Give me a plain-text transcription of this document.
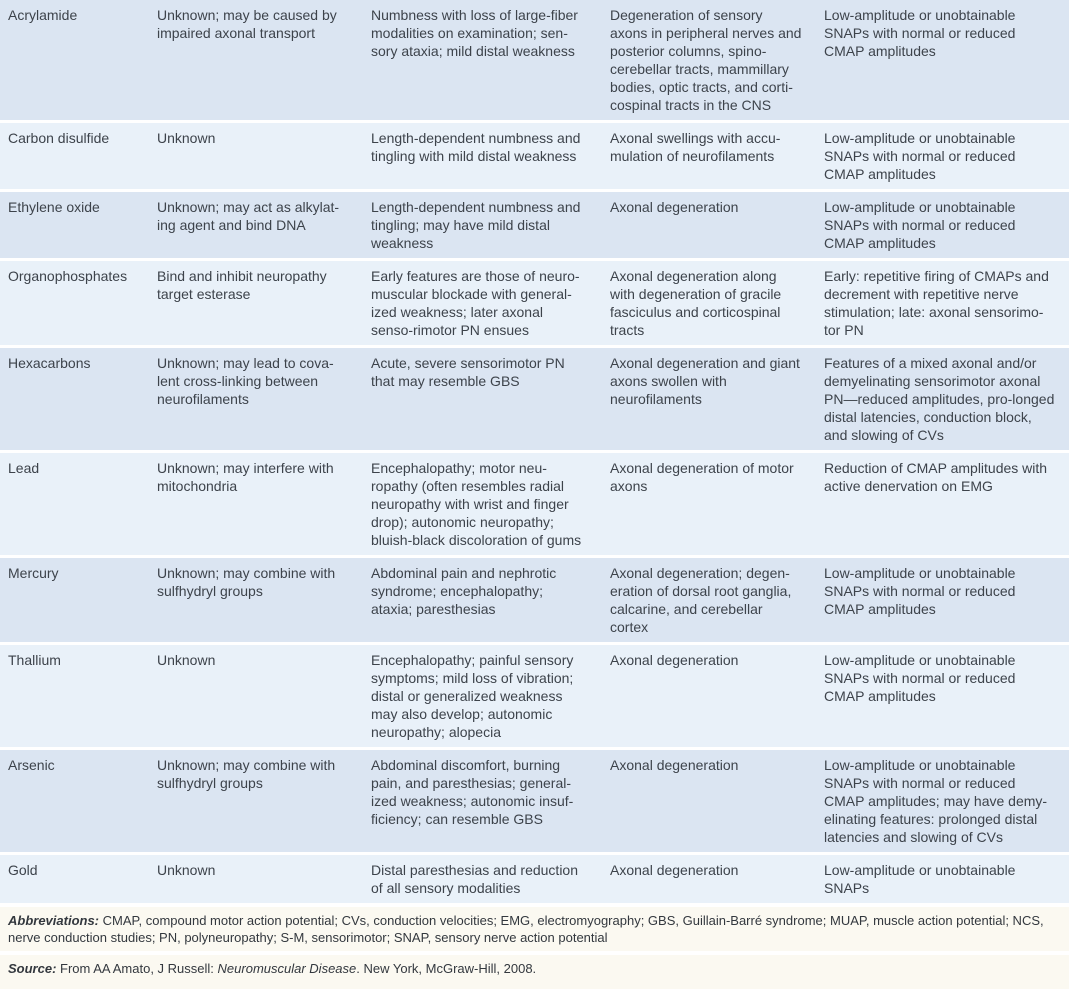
Acrylamide	Unknown; may be caused by impaired axonal transport	Numbness with loss of large-fiber modalities on examination; sen-sory ataxia; mild distal weakness	Degeneration of sensory axons in peripheral nerves and posterior columns, spino-cerebellar tracts, mammillary bodies, optic tracts, and corti-cospinal tracts in the CNS	Low-amplitude or unobtainable SNAPs with normal or reduced CMAP amplitudes
Carbon disulfide	Unknown	Length-dependent numbness and tingling with mild distal weakness	Axonal swellings with accu-mulation of neurofilaments	Low-amplitude or unobtainable SNAPs with normal or reduced CMAP amplitudes
Ethylene oxide	Unknown; may act as alkylat-ing agent and bind DNA	Length-dependent numbness and tingling; may have mild distal weakness	Axonal degeneration	Low-amplitude or unobtainable SNAPs with normal or reduced CMAP amplitudes
Organophosphates	Bind and inhibit neuropathy target esterase	Early features are those of neuro-muscular blockade with general-ized weakness; later axonal senso-rimotor PN ensues	Axonal degeneration along with degeneration of gracile fasciculus and corticospinal tracts	Early: repetitive firing of CMAPs and decrement with repetitive nerve stimulation; late: axonal sensorimo-tor PN
Hexacarbons	Unknown; may lead to cova-lent cross-linking between neurofilaments	Acute, severe sensorimotor PN that may resemble GBS	Axonal degeneration and giant axons swollen with neurofilaments	Features of a mixed axonal and/or demyelinating sensorimotor axonal PN—reduced amplitudes, pro-longed distal latencies, conduction block, and slowing of CVs
Lead	Unknown; may interfere with mitochondria	Encephalopathy; motor neu-ropathy (often resembles radial neuropathy with wrist and finger drop); autonomic neuropathy; bluish-black discoloration of gums	Axonal degeneration of motor axons	Reduction of CMAP amplitudes with active denervation on EMG
Mercury	Unknown; may combine with sulfhydryl groups	Abdominal pain and nephrotic syndrome; encephalopathy; ataxia; paresthesias	Axonal degeneration; degen-eration of dorsal root ganglia, calcarine, and cerebellar cortex	Low-amplitude or unobtainable SNAPs with normal or reduced CMAP amplitudes
Thallium	Unknown	Encephalopathy; painful sensory symptoms; mild loss of vibration; distal or generalized weakness may also develop; autonomic neuropathy; alopecia	Axonal degeneration	Low-amplitude or unobtainable SNAPs with normal or reduced CMAP amplitudes
Arsenic	Unknown; may combine with sulfhydryl groups	Abdominal discomfort, burning pain, and paresthesias; general-ized weakness; autonomic insuf-ficiency; can resemble GBS	Axonal degeneration	Low-amplitude or unobtainable SNAPs with normal or reduced CMAP amplitudes; may have demy-elinating features: prolonged distal latencies and slowing of CVs
Gold	Unknown	Distal paresthesias and reduction of all sensory modalities	Axonal degeneration	Low-amplitude or unobtainable SNAPs
Abbreviations: CMAP, compound motor action potential; CVs, conduction velocities; EMG, electromyography; GBS, Guillain-Barré syndrome; MUAP, muscle action potential; NCS, nerve conduction studies; PN, polyneuropathy; S-M, sensorimotor; SNAP, sensory nerve action potential
Source: From AA Amato, J Russell: Neuromuscular Disease. New York, McGraw-Hill, 2008.
